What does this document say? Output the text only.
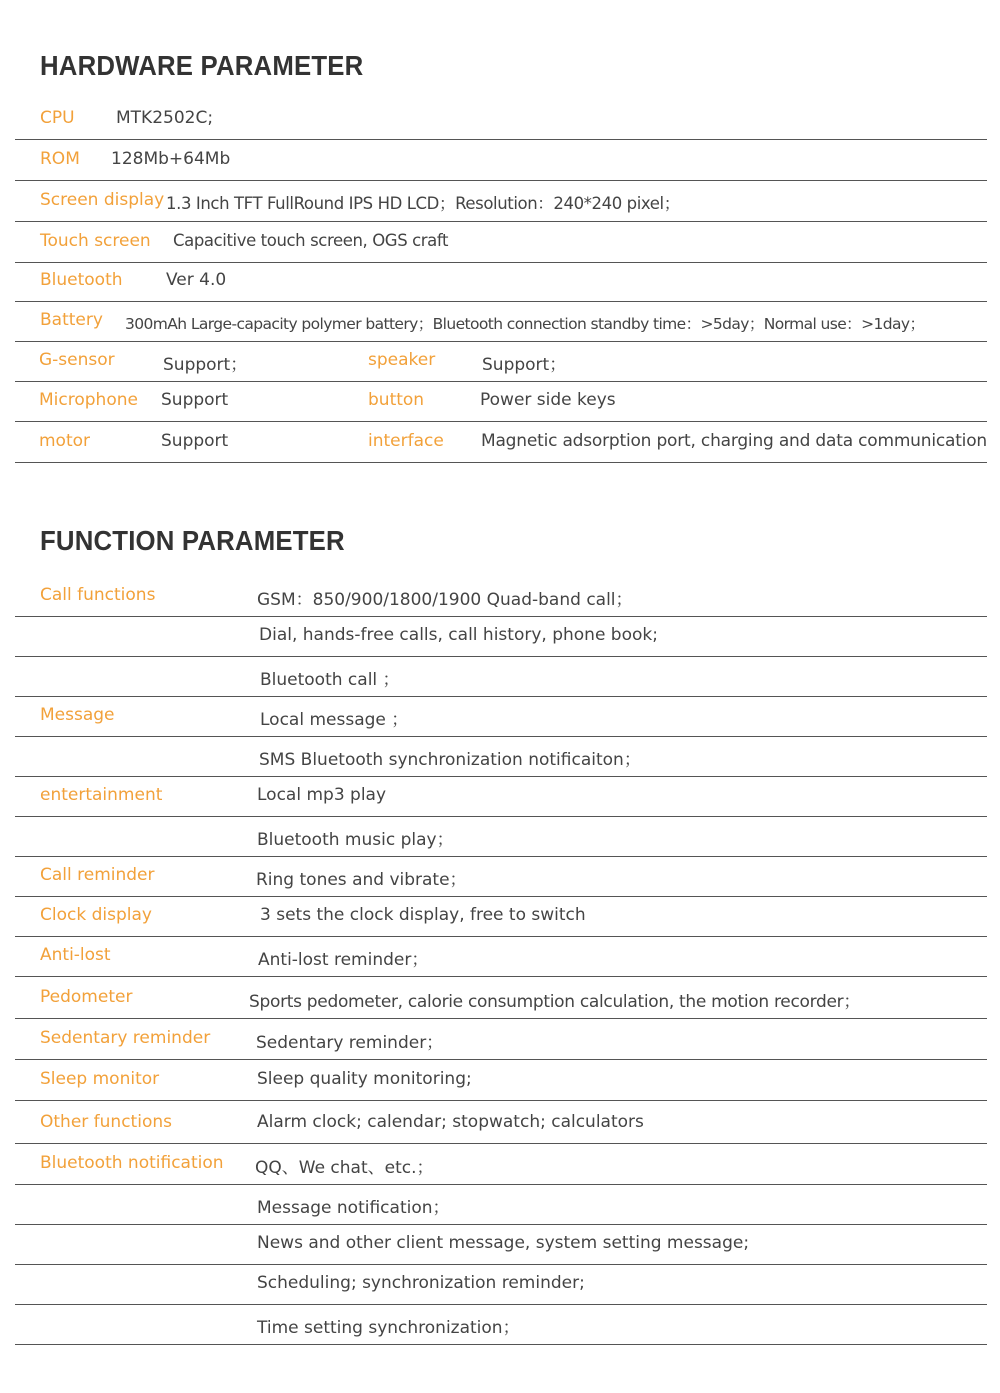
HARDWARE PARAMETER
CPU MTK2502C;
ROM 128Mb+64Mb
Screen display 1.3 Inch TFT FullRound IPS HD LCD；Resolution：240*240 pixel；
Touch screen Capacitive touch screen, OGS craft
Bluetooth	Ver 4.0
Battery 300mAh Large-capacity polymer battery；Bluetooth connection standby time：>5day；Normal use：>1day；
G-sensor	Support；	speaker	Support；
Microphone Support	button	Power side keys
motor	Support	interface Magnetic adsorption port, charging and data communication
FUNCTION PARAMETER
Call functions	GSM：850/900/1800/1900 Quad-band call；
Dial, hands-free calls, call history, phone book;
Bluetooth call ；
Message	Local message ；
SMS Bluetooth synchronization notificaiton；
entertainment	Local mp3 play
Bluetooth music play；
Call reminder	Ring tones and vibrate；
Clock display	3 sets the clock display, free to switch
Anti-lost	Anti-lost reminder；
Pedometer	Sports pedometer, calorie consumption calculation, the motion recorder；
Sedentary reminder	Sedentary reminder；
Sleep monitor	Sleep quality monitoring;
Other functions	Alarm clock; calendar; stopwatch; calculators
Bluetooth notification QQ、We chat、etc.；
Message notification；
News and other client message, system setting message;
Scheduling; synchronization reminder;
Time setting synchronization；
